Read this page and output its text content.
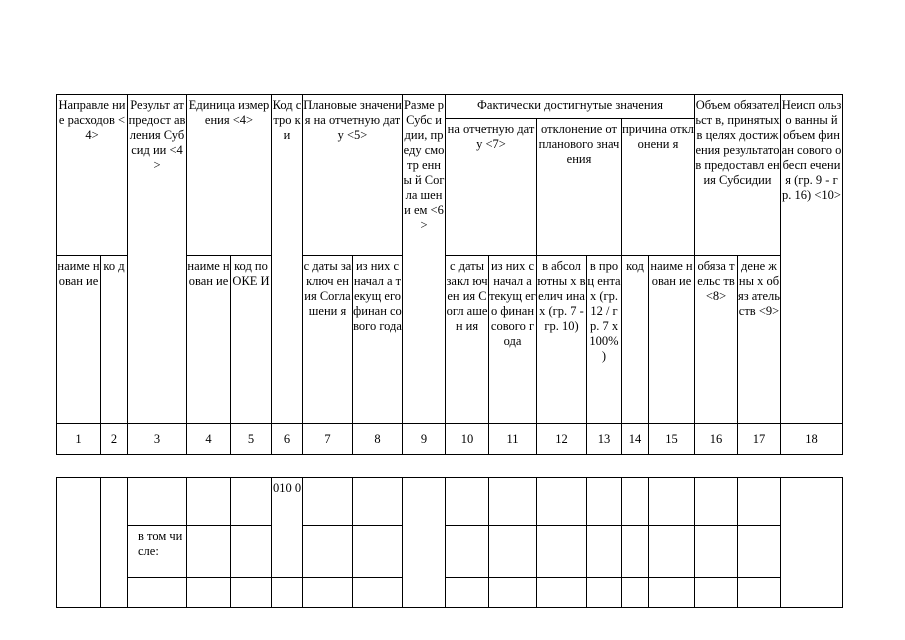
Направле ние расходов <4>		Результ ат предост авления Субсид ии <4>	Единица измерения <4>		Код стро ки	Плановые значения на отчетную дату <5>		Разме р Субс идии, преду смотр енны й Согла шени ем <6>	Фактически достигнутые значения						Объем обязательст в, принятых в целях достижения результатов предоставл ения Субсидии		Неисп ользо ванны й объем финан сового обесп ечени я (гр. 9 - гр. 16) <10>
									на отчетную дату <7>		отклонение от планового значения		причина отклонени я				
наиме нован ие	ко д		наиме нован ие	код по ОКЕ И		с даты заключ ения Согла шени я	из них с начал а текущ его финан сового года		с даты закл ючен ия Согл ашен ия	из них с начал а текущ его финан сового года	в абсол ютны х велич инах (гр. 7 - гр. 10)	в проц ентах (гр. 12 / гр. 7 х 100% )	код	наиме нован ие	обяза тельс тв <8>	дене жны х обяз атель ств <9>	
1	2	3	4	5	6	7	8	9	10	11	12	13	14	15	16	17	18

					010 0												
		в том числе:															
